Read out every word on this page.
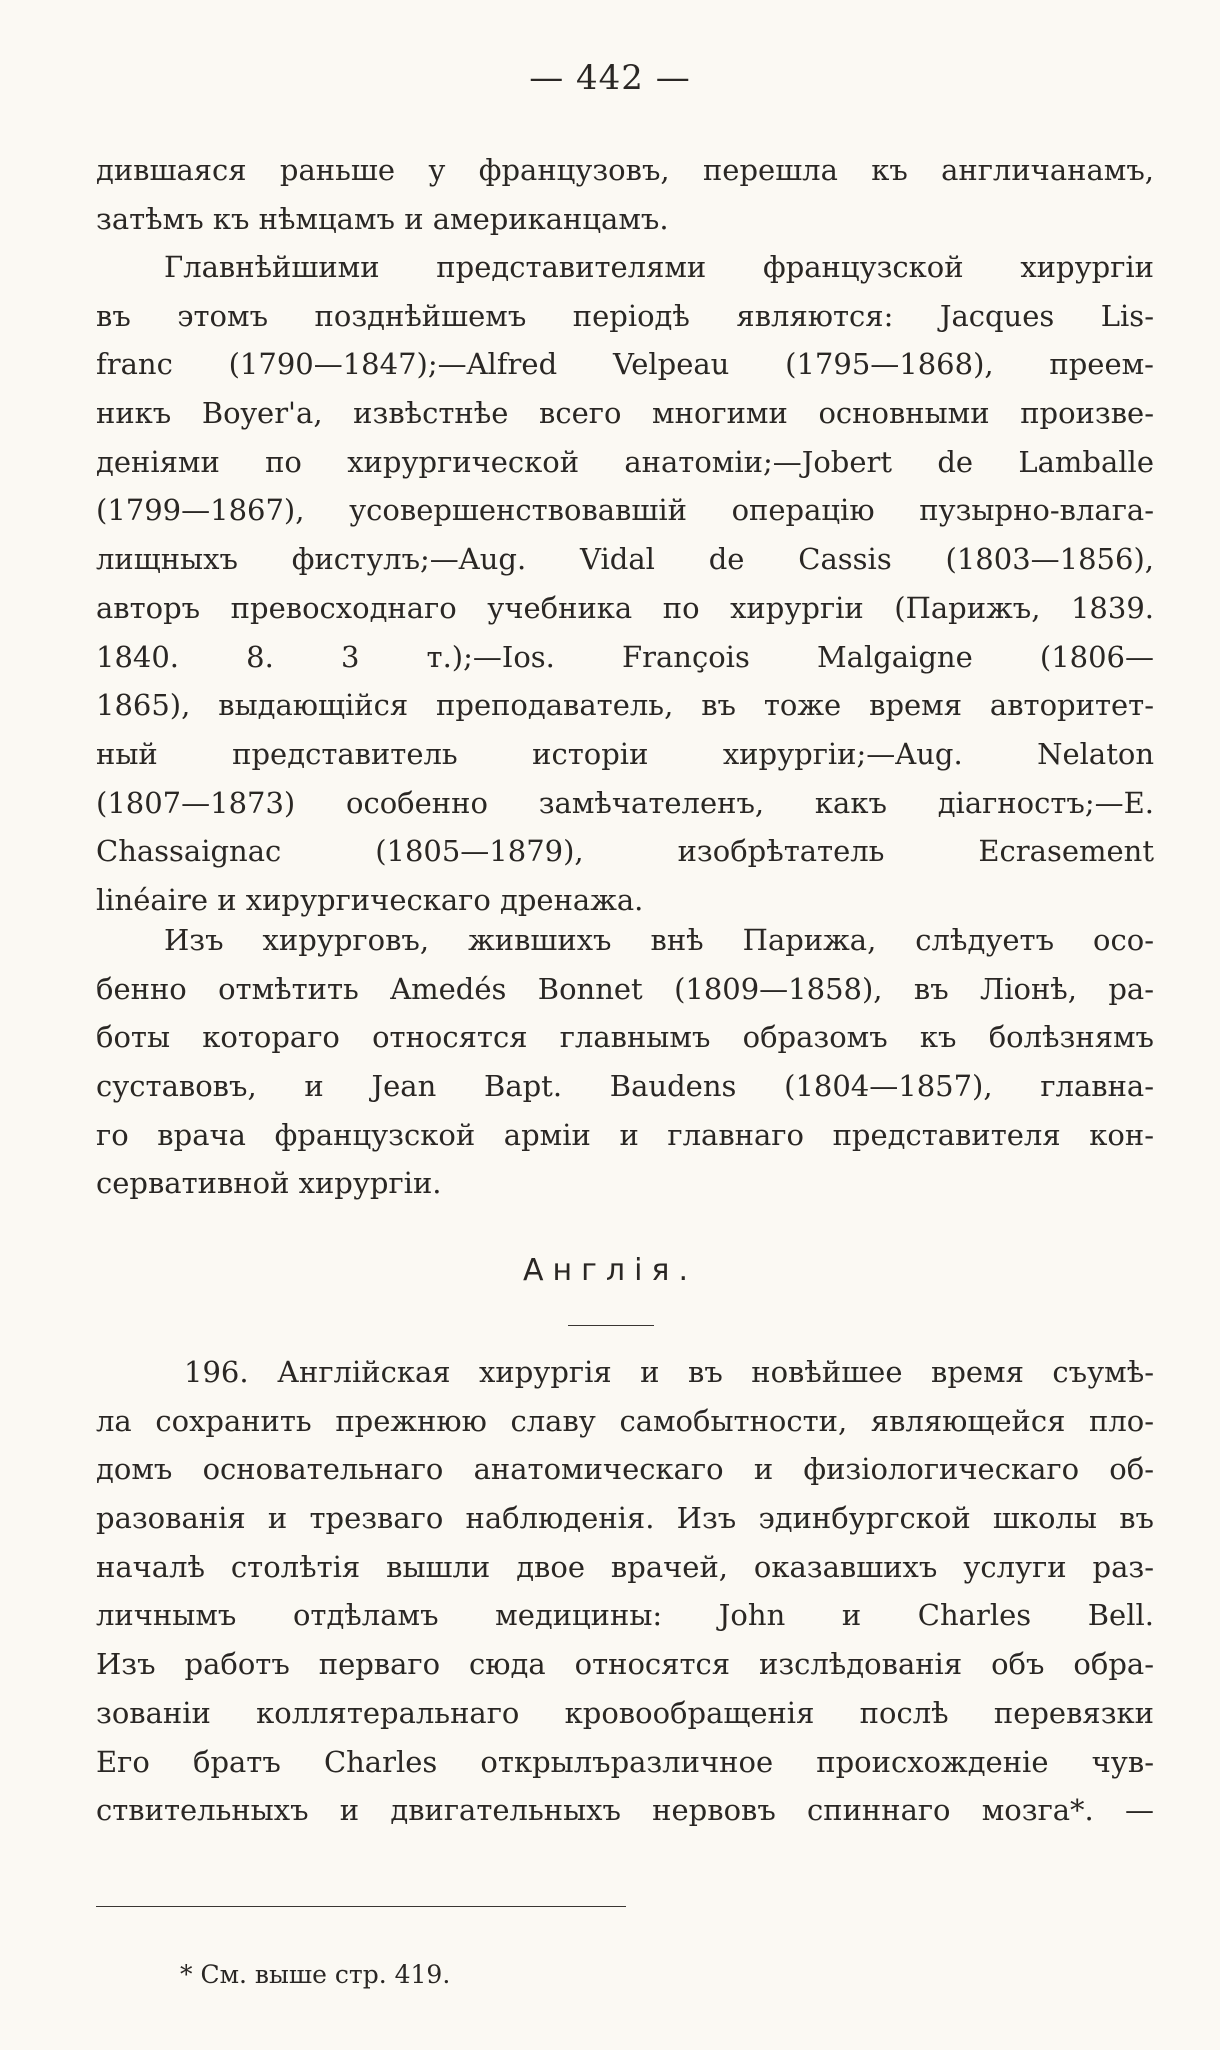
— 442 —
дившаяся раньше у французовъ, перешла къ англичанамъ,
затѣмъ къ нѣмцамъ и американцамъ.
Главнѣйшими представителями французской хирургіи
въ этомъ позднѣйшемъ періодѣ являются: Jacques Lis-
franc (1790—1847);—Alfred Velpeau (1795—1868), преем-
никъ Boyer'а, извѣстнѣе всего многими основными произве-
деніями по хирургической анатоміи;—Jobert de Lamballe
(1799—1867), усовершенствовавшій операцію пузырно-влага-
лищныхъ фистулъ;—Aug. Vidal de Cassis (1803—1856),
авторъ превосходнаго учебника по хирургіи (Парижъ, 1839.
1840. 8. 3 т.);—Ios. François Malgaigne (1806—
1865), выдающійся преподаватель, въ тоже время авторитет-
ный представитель исторіи хирургіи;—Aug. Nelaton
(1807—1873) особенно замѣчателенъ, какъ діагностъ;—E.
Chassaignac (1805—1879), изобрѣтатель Ecrasement
linéaire и хирургическаго дренажа.
Изъ хирурговъ, жившихъ внѣ Парижа, слѣдуетъ осо-
бенно отмѣтить Amedés Bonnet (1809—1858), въ Ліонѣ, ра-
боты котораго относятся главнымъ образомъ къ болѣзнямъ
суставовъ, и Jean Bapt. Baudens (1804—1857), главна-
го врача французской арміи и главнаго представителя кон-
сервативной хирургіи.
Англія.
196. Англійская хирургія и въ новѣйшее время съумѣ-
ла сохранить прежнюю славу самобытности, являющейся пло-
домъ основательнаго анатомическаго и физіологическаго об-
разованія и трезваго наблюденія. Изъ эдинбургской школы въ
началѣ столѣтія вышли двое врачей, оказавшихъ услуги раз-
личнымъ отдѣламъ медицины: John и Charles Bell.
Изъ работъ перваго сюда относятся изслѣдованія объ обра-
зованіи коллятеральнаго кровообращенія послѣ перевязки
Его братъ Charles открылъразличное происхожденіе чув-
ствительныхъ и двигательныхъ нервовъ спиннаго мозга*. —
* См. выше стр. 419.
